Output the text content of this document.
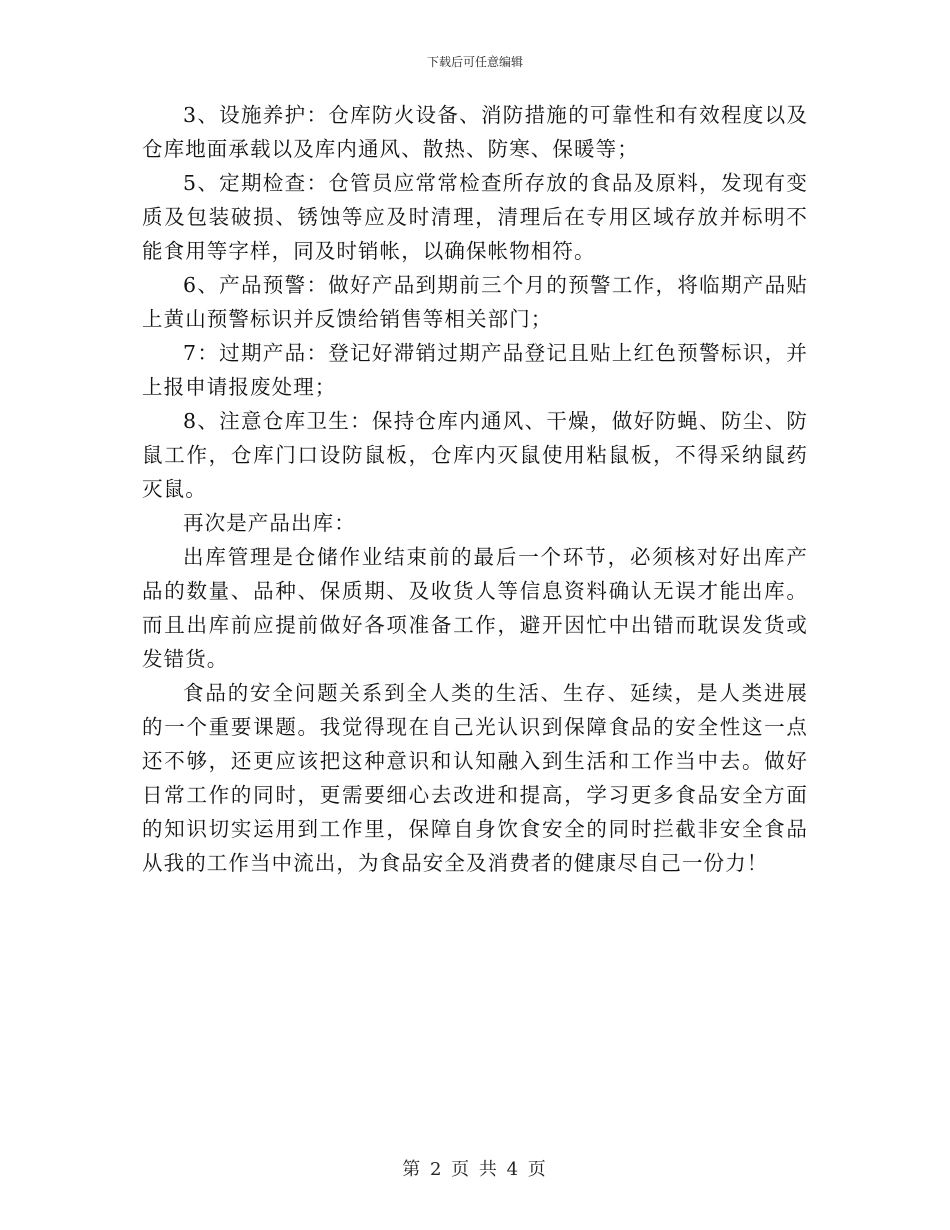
下载后可任意编辑

3、设施养护：仓库防火设备、消防措施的可靠性和有效程度以及仓库地面承载以及库内通风、散热、防寒、保暖等；

5、定期检查：仓管员应常常检查所存放的食品及原料，发现有变质及包装破损、锈蚀等应及时清理，清理后在专用区域存放并标明不能食用等字样，同及时销帐，以确保帐物相符。

6、产品预警：做好产品到期前三个月的预警工作，将临期产品贴上黄山预警标识并反馈给销售等相关部门；

7：过期产品：登记好滞销过期产品登记且贴上红色预警标识，并上报申请报废处理；

8、注意仓库卫生：保持仓库内通风、干燥，做好防蝇、防尘、防鼠工作，仓库门口设防鼠板，仓库内灭鼠使用粘鼠板，不得采纳鼠药灭鼠。

再次是产品出库：

出库管理是仓储作业结束前的最后一个环节，必须核对好出库产品的数量、品种、保质期、及收货人等信息资料确认无误才能出库。而且出库前应提前做好各项准备工作，避开因忙中出错而耽误发货或发错货。

食品的安全问题关系到全人类的生活、生存、延续，是人类进展的一个重要课题。我觉得现在自己光认识到保障食品的安全性这一点还不够，还更应该把这种意识和认知融入到生活和工作当中去。做好日常工作的同时，更需要细心去改进和提高，学习更多食品安全方面的知识切实运用到工作里，保障自身饮食安全的同时拦截非安全食品从我的工作当中流出，为食品安全及消费者的健康尽自己一份力！

第 2 页 共 4 页
